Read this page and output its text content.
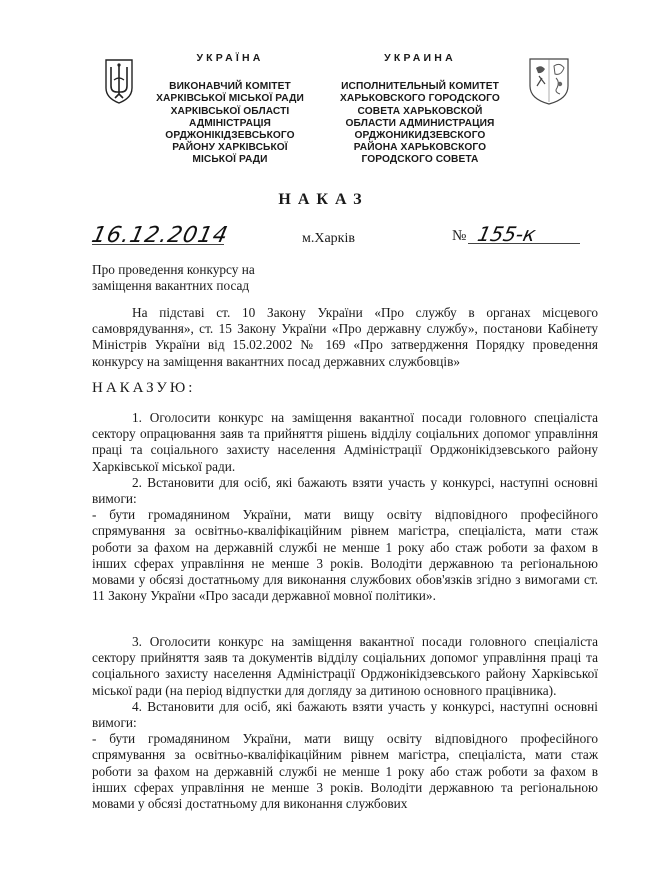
УКРАЇНА
ВИКОНАВЧИЙ КОМІТЕТ
ХАРКІВСЬКОЇ МІСЬКОЇ РАДИ
ХАРКІВСЬКОЇ ОБЛАСТІ
АДМІНІСТРАЦІЯ
ОРДЖОНІКІДЗЕВСЬКОГО
РАЙОНУ ХАРКІВСЬКОЇ
МІСЬКОЇ РАДИ
УКРАИНА
ИСПОЛНИТЕЛЬНЫЙ КОМИТЕТ
ХАРЬКОВСКОГО ГОРОДСКОГО
СОВЕТА ХАРЬКОВСКОЙ
ОБЛАСТИ АДМИНИСТРАЦИЯ
ОРДЖОНИКИДЗЕВСКОГО
РАЙОНА ХАРЬКОВСКОГО
ГОРОДСКОГО СОВЕТА
НАКАЗ
16.12.2014	м.Харків	№ 155-к
Про проведення конкурсу на
заміщення вакантних посад

На підставі ст. 10 Закону України «Про службу в органах місцевого самоврядування», ст. 15 Закону України «Про державну службу», постанови Кабінету Міністрів України від 15.02.2002 № 169 «Про затвердження Порядку проведення конкурсу на заміщення вакантних посад державних службовців»

НАКАЗУЮ:

1. Оголосити конкурс на заміщення вакантної посади головного спеціаліста сектору опрацювання заяв та прийняття рішень відділу соціальних допомог управління праці та соціального захисту населення Адміністрації Орджонікідзевського району Харківської міської ради.

2. Встановити для осіб, які бажають взяти участь у конкурсі, наступні основні вимоги:

- бути громадянином України, мати вищу освіту відповідного професійного спрямування за освітньо-кваліфікаційним рівнем магістра, спеціаліста, мати стаж роботи за фахом на державній службі не менше 1 року або стаж роботи за фахом в інших сферах управління не менше 3 років. Володіти державною та регіональною мовами у обсязі достатньому для виконання службових обов'язків згідно з вимогами ст. 11 Закону України «Про засади державної мовної політики».

3. Оголосити конкурс на заміщення вакантної посади головного спеціаліста сектору прийняття заяв та документів відділу соціальних допомог управління праці та соціального захисту населення Адміністрації Орджонікідзевського району Харківської міської ради (на період відпустки для догляду за дитиною основного працівника).

4. Встановити для осіб, які бажають взяти участь у конкурсі, наступні основні вимоги:

- бути громадянином України, мати вищу освіту відповідного професійного спрямування за освітньо-кваліфікаційним рівнем магістра, спеціаліста, мати стаж роботи за фахом на державній службі не менше 1 року або стаж роботи за фахом в інших сферах управління не менше 3 років. Володіти державною та регіональною мовами у обсязі достатньому для виконання службових
